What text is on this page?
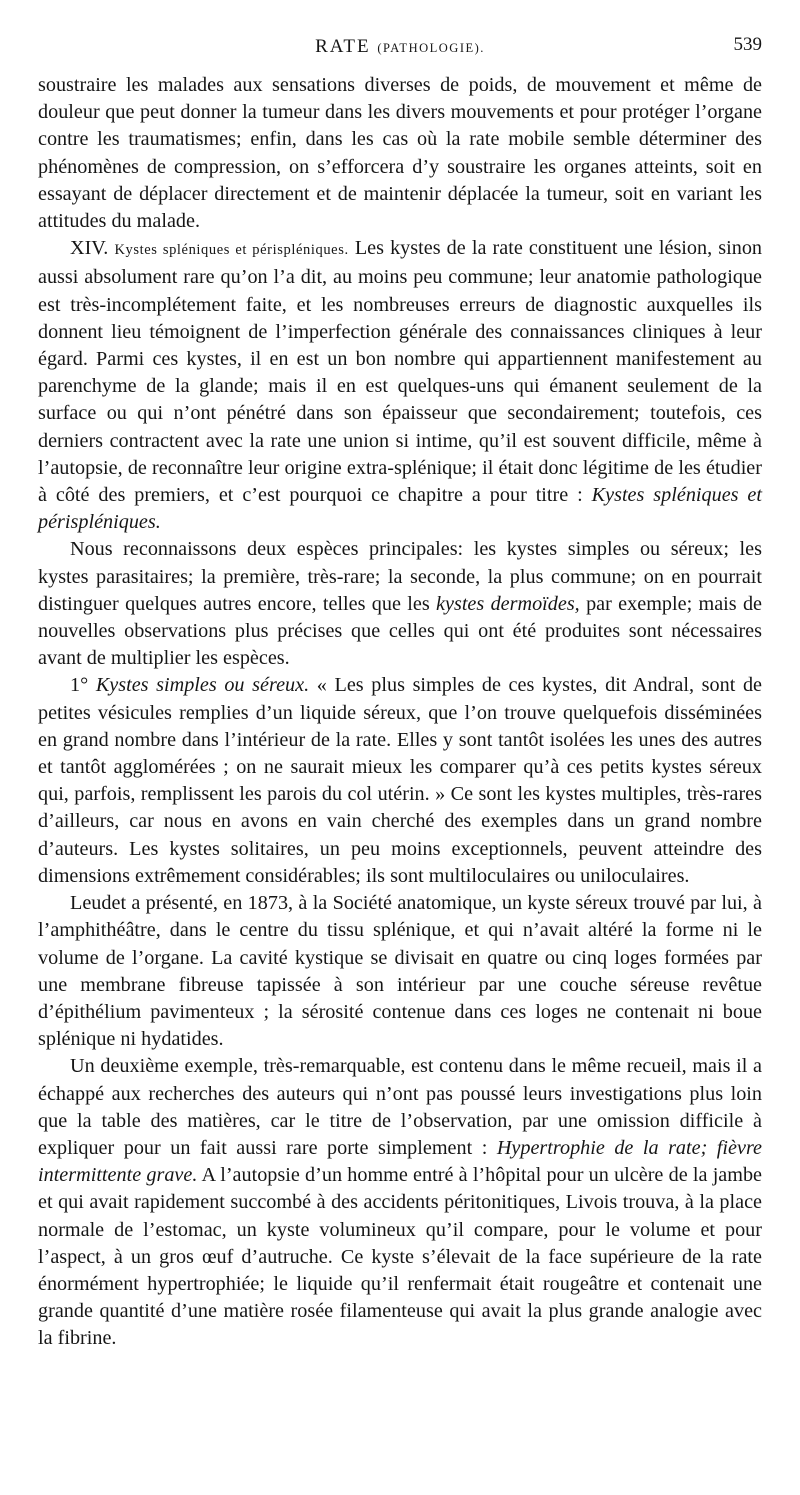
RATE (PATHOLOGIE).	539

soustraire les malades aux sensations diverses de poids, de mouvement et même de douleur que peut donner la tumeur dans les divers mouvements et pour protéger l’organe contre les traumatismes; enfin, dans les cas où la rate mobile semble déterminer des phénomènes de compression, on s’efforcera d’y soustraire les organes atteints, soit en essayant de déplacer directement et de maintenir déplacée la tumeur, soit en variant les attitudes du malade.

XIV. Kystes spléniques et périspléniques. Les kystes de la rate constituent une lésion, sinon aussi absolument rare qu’on l’a dit, au moins peu commune; leur anatomie pathologique est très-incomplétement faite, et les nombreuses erreurs de diagnostic auxquelles ils donnent lieu témoignent de l’imperfection générale des connaissances cliniques à leur égard. Parmi ces kystes, il en est un bon nombre qui appartiennent manifestement au parenchyme de la glande; mais il en est quelques-uns qui émanent seulement de la surface ou qui n’ont pénétré dans son épaisseur que secondairement; toutefois, ces derniers contractent avec la rate une union si intime, qu’il est souvent difficile, même à l’autopsie, de reconnaître leur origine extra-splénique; il était donc légitime de les étudier à côté des premiers, et c’est pourquoi ce chapitre a pour titre : Kystes spléniques et périspléniques.

Nous reconnaissons deux espèces principales: les kystes simples ou séreux; les kystes parasitaires; la première, très-rare; la seconde, la plus commune; on en pourrait distinguer quelques autres encore, telles que les kystes dermoïdes, par exemple; mais de nouvelles observations plus précises que celles qui ont été produites sont nécessaires avant de multiplier les espèces.

1° Kystes simples ou séreux. « Les plus simples de ces kystes, dit Andral, sont de petites vésicules remplies d’un liquide séreux, que l’on trouve quelquefois disséminées en grand nombre dans l’intérieur de la rate. Elles y sont tantôt isolées les unes des autres et tantôt agglomérées ; on ne saurait mieux les comparer qu’à ces petits kystes séreux qui, parfois, remplissent les parois du col utérin. » Ce sont les kystes multiples, très-rares d’ailleurs, car nous en avons en vain cherché des exemples dans un grand nombre d’auteurs. Les kystes solitaires, un peu moins exceptionnels, peuvent atteindre des dimensions extrêmement considérables; ils sont multiloculaires ou uniloculaires.

Leudet a présenté, en 1873, à la Société anatomique, un kyste séreux trouvé par lui, à l’amphithéâtre, dans le centre du tissu splénique, et qui n’avait altéré la forme ni le volume de l’organe. La cavité kystique se divisait en quatre ou cinq loges formées par une membrane fibreuse tapissée à son intérieur par une couche séreuse revêtue d’épithélium pavimenteux ; la sérosité contenue dans ces loges ne contenait ni boue splénique ni hydatides.

Un deuxième exemple, très-remarquable, est contenu dans le même recueil, mais il a échappé aux recherches des auteurs qui n’ont pas poussé leurs investigations plus loin que la table des matières, car le titre de l’observation, par une omission difficile à expliquer pour un fait aussi rare porte simplement : Hypertrophie de la rate; fièvre intermittente grave. A l’autopsie d’un homme entré à l’hôpital pour un ulcère de la jambe et qui avait rapidement succombé à des accidents péritonitiques, Livois trouva, à la place normale de l’estomac, un kyste volumineux qu’il compare, pour le volume et pour l’aspect, à un gros œuf d’autruche. Ce kyste s’élevait de la face supérieure de la rate énormément hypertrophiée; le liquide qu’il renfermait était rougeâtre et contenait une grande quantité d’une matière rosée filamenteuse qui avait la plus grande analogie avec la fibrine.
